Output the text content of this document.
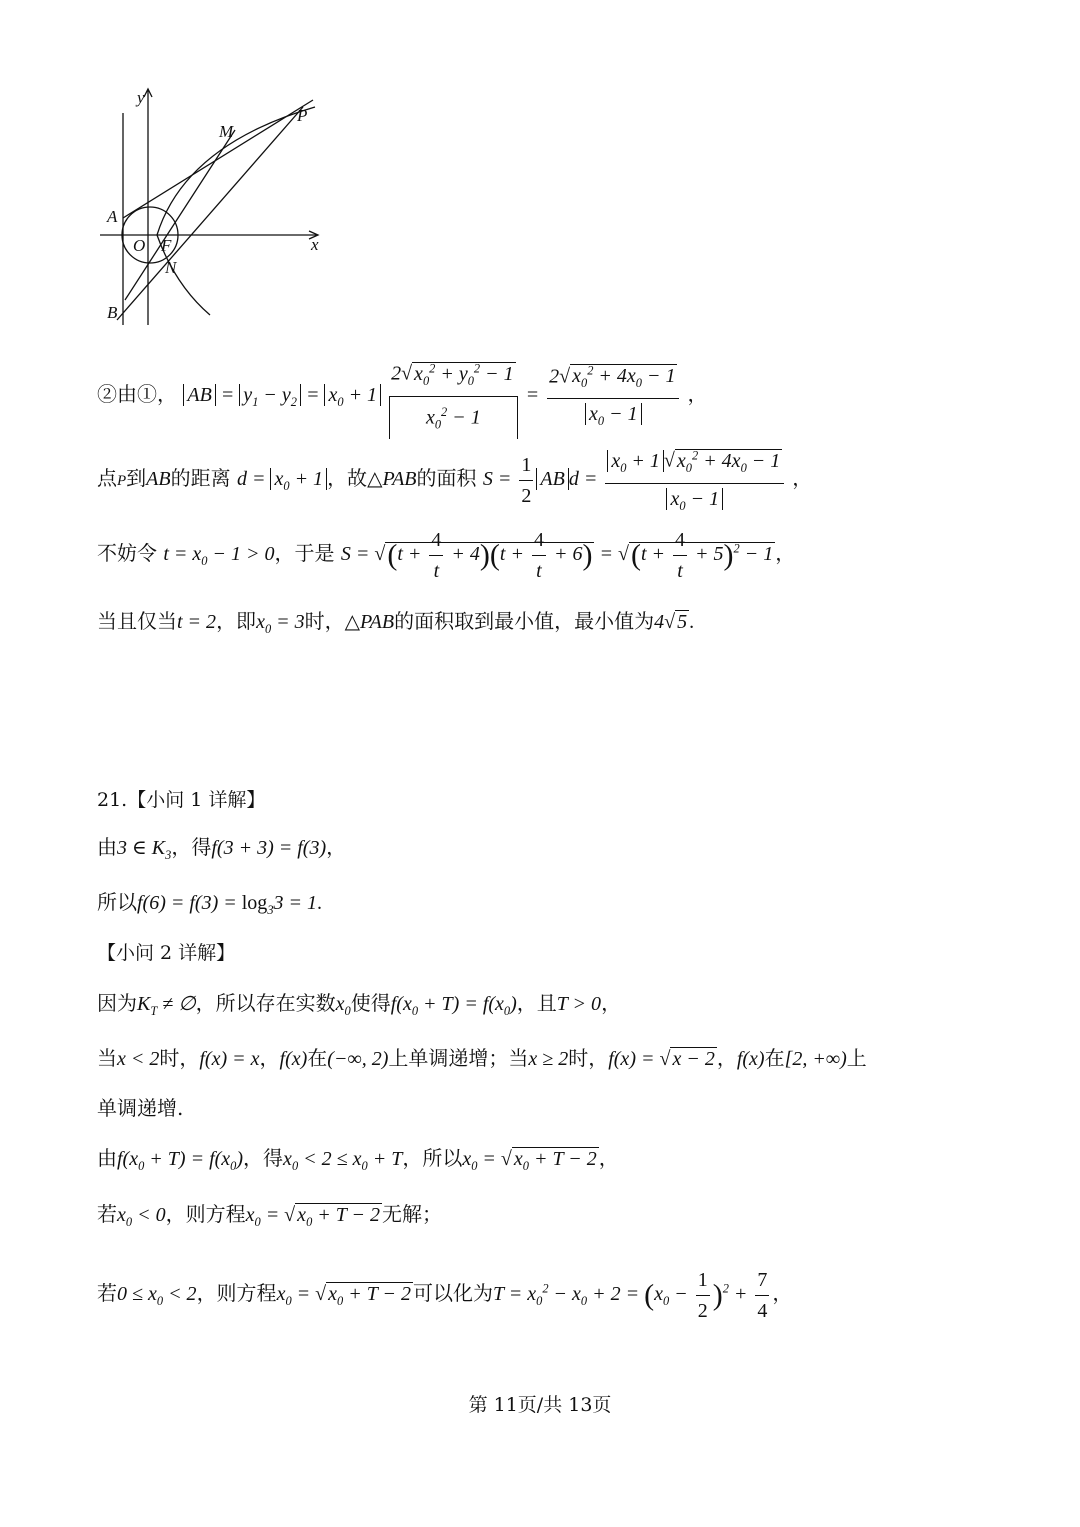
y
x
M
P
A
O F
N
B
②由①， AB = $y_1 - y_2 = x_0 + 1 \frac{2√ x_0^2 + y_0^2 - 1}{x_0^2 - 1} = \frac{2√ x_0^2 + 4x_0 - 1}{x_0 - 1}$ ，
点P到AB的距离 $d = x_0 + 1$ ，故△PAB的面积 $S = \frac{1}{2}$ AB $d = \frac{x_0 + 1 √ x_0^2 + 4x_0 - 1}{x_0 - 1}$ ，
不妨令 $t = x_0 - 1 > 0$，于是 $S = √(t + \frac{4}{t} + 4)(t + \frac{4}{t} + 6) = √(t + \frac{4}{t} + 5)^2 - 1$ ，
当且仅当t = 2，即$x_0 = 3$时，△PAB的面积取到最小值，最小值为4√ 5 .
21.【小问 1 详解】
由3 ∈ $K_3$，得f(3 + 3) = f(3)，
所以$f(6) = f(3) = \log_33 = 1$.
【小问 2 详解】
因为$K_T$ ≠ ∅，所以存在实数$x_0$使得$f(x_0 + T) = f(x_0)$，且T > 0，
当x < 2时，f(x) = x，f(x)在(−∞, 2)上单调递增；当x ≥ 2时，f(x) = √ x − 2 ，f(x)在[2, +∞)上
单调递增.
由$f(x_0 + T) = f(x_0)$，得$x_0 < 2 \le x_0 + T$，所以$x_0$ = √ $x_0 + T - 2$ ，
若$x_0 < 0$，则方程$x_0$ = √ $x_0 + T - 2$ 无解；
若$0 \le x_0 < 2$，则方程$x_0$ = √ $x_0 + T - 2$ 可以化为$T = x_0^2 - x_0 + 2 = (x_0 - \frac{1}{2} )^2 + \frac{7}{4}$ ，
第 11页/共 13页
